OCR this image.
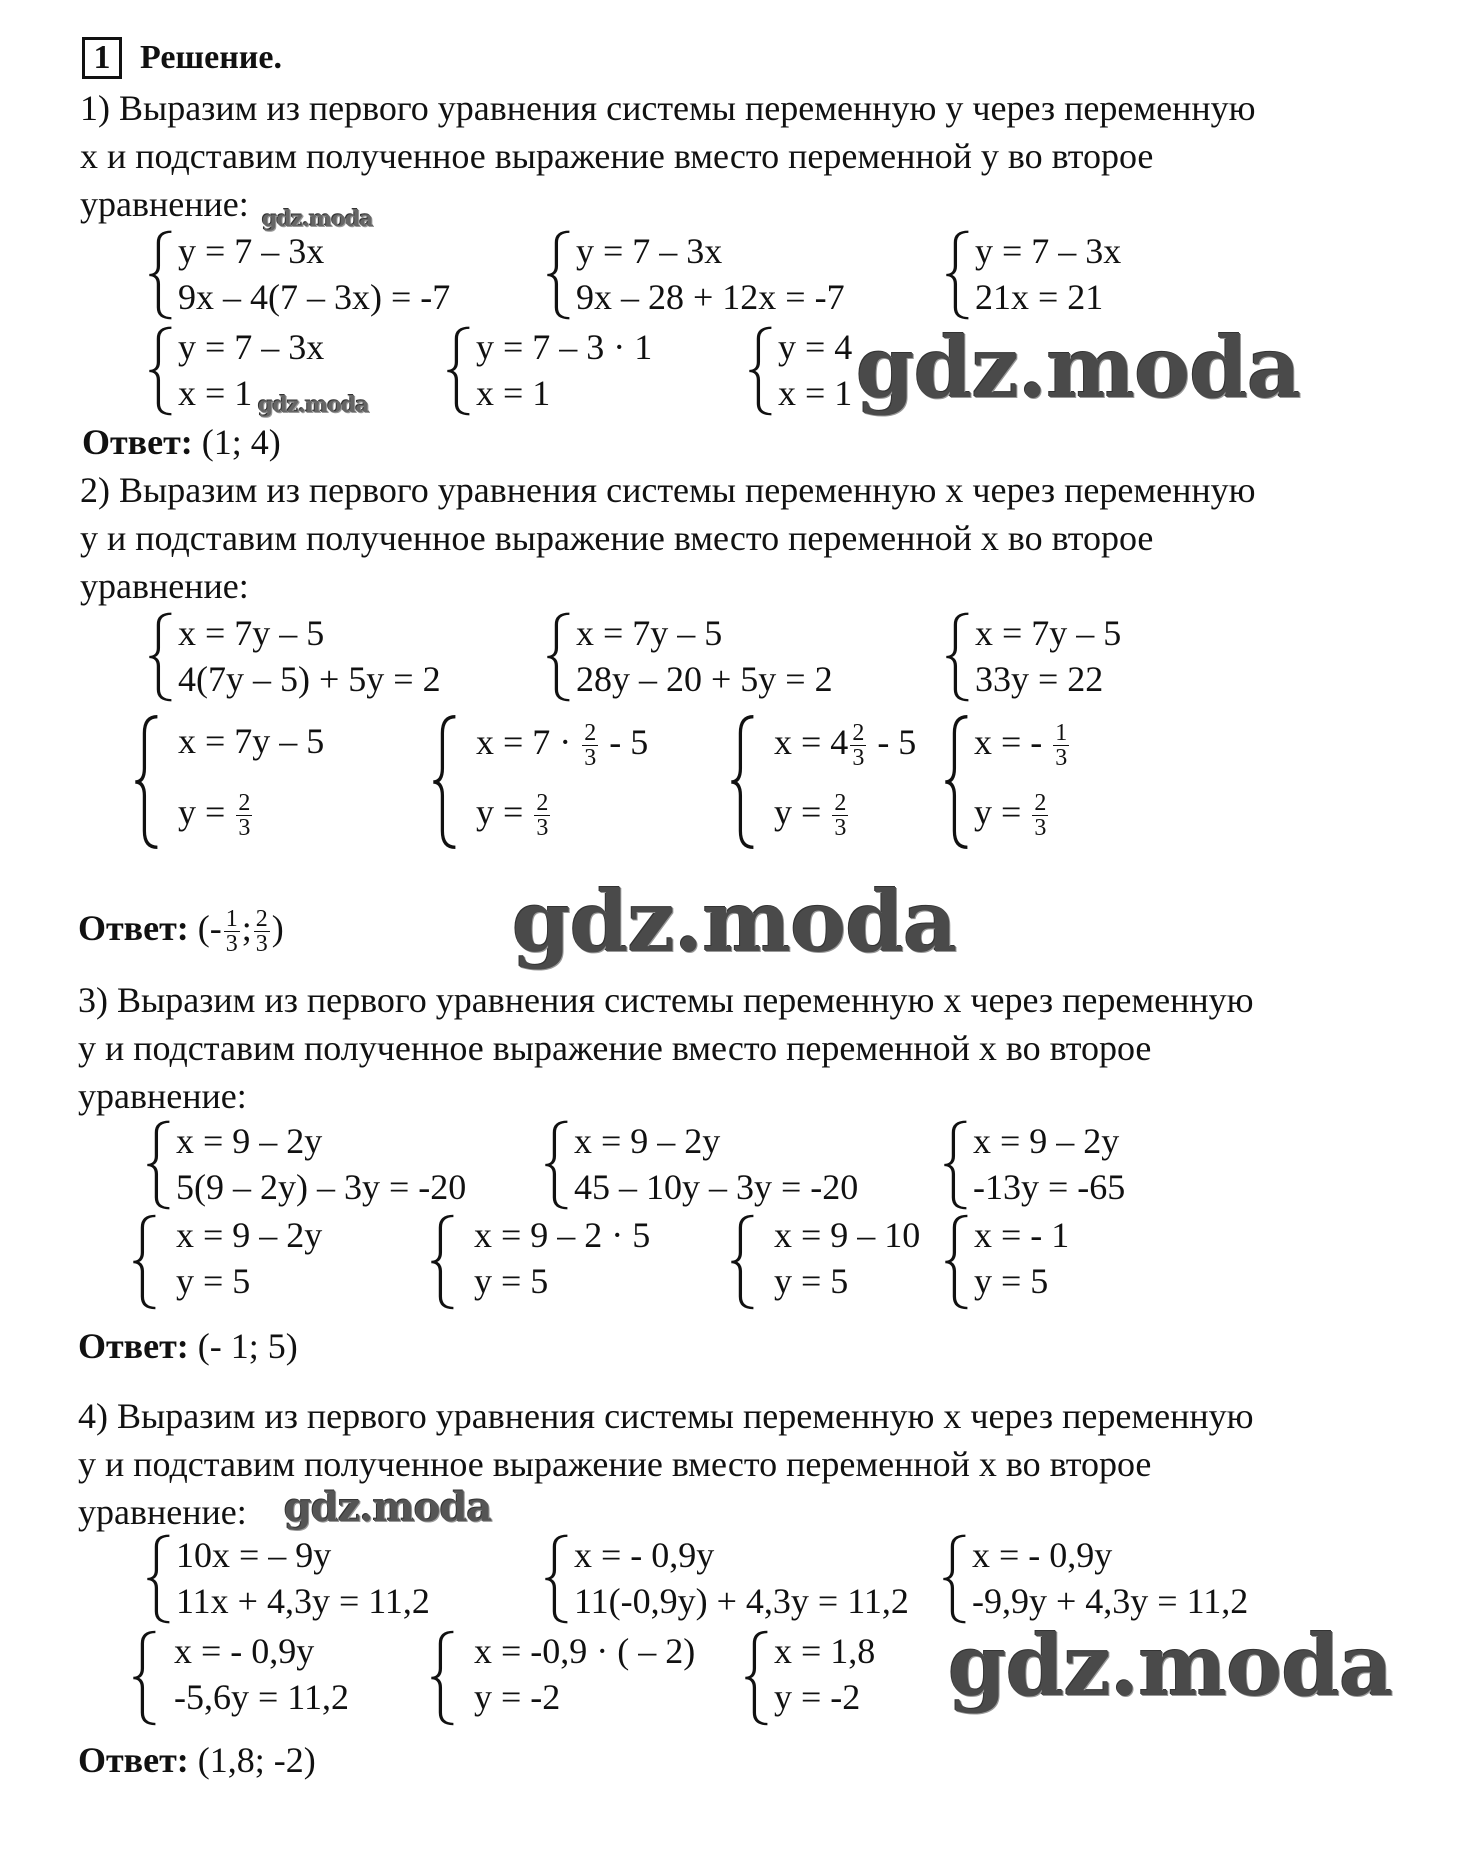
1 Решение.
1) Выразим из первого уравнения системы переменную у через переменную
х и подставим полученное выражение вместо переменной у во второе
уравнение: gdz.moda
у = 7 – 3х
9х – 4(7 – 3х) = -7
у = 7 – 3х
9х – 28 + 12х = -7
у = 7 – 3х
21х = 21
у = 7 – 3х
х = 1 gdz.moda
у = 7 – 3 · 1
х = 1
у = 4
х = 1 gdz.moda
Ответ: (1; 4)
2) Выразим из первого уравнения системы переменную х через переменную
у и подставим полученное выражение вместо переменной х во второе
уравнение:
х = 7у – 5
4(7у – 5) + 5у = 2
х = 7у – 5
28у – 20 + 5у = 2
х = 7у – 5
33у = 22
х = 7у – 5
$у = \frac{2}{3}$
$х = 7 \cdot \frac{2}{3} - 5$
$у = \frac{2}{3}$
$х = 4 \frac{2}{3} - 5$
$у = \frac{2}{3}$
х = - $\frac{1}{3}$
$у = \frac{2}{3}$
Ответ: (- $\frac{1}{3}$ ; $\frac{2}{3}$ )	gdz.moda
3) Выразим из первого уравнения системы переменную х через переменную
у и подставим полученное выражение вместо переменной х во второе
уравнение:
х = 9 – 2у
5(9 – 2у) – 3у = -20
х = 9 – 2у
45 – 10у – 3у = -20
х = 9 – 2у
-13у = -65
х = 9 – 2у
у = 5
х = 9 – 2 · 5
у = 5
х = 9 – 10
у = 5
х = - 1
у = 5
Ответ: (- 1; 5)
4) Выразим из первого уравнения системы переменную х через переменную
у и подставим полученное выражение вместо переменной х во второе
уравнение: gdz.moda
10х = – 9у
11х + 4,3у = 11,2
х = - 0,9у
11(-0,9у) + 4,3у = 11,2
х = - 0,9у
-9,9у + 4,3у = 11,2
х = - 0,9у
-5,6у = 11,2
х = -0,9 · ( – 2)
у = -2
х = 1,8
у = -2 gdz.moda
Ответ: (1,8; -2)
